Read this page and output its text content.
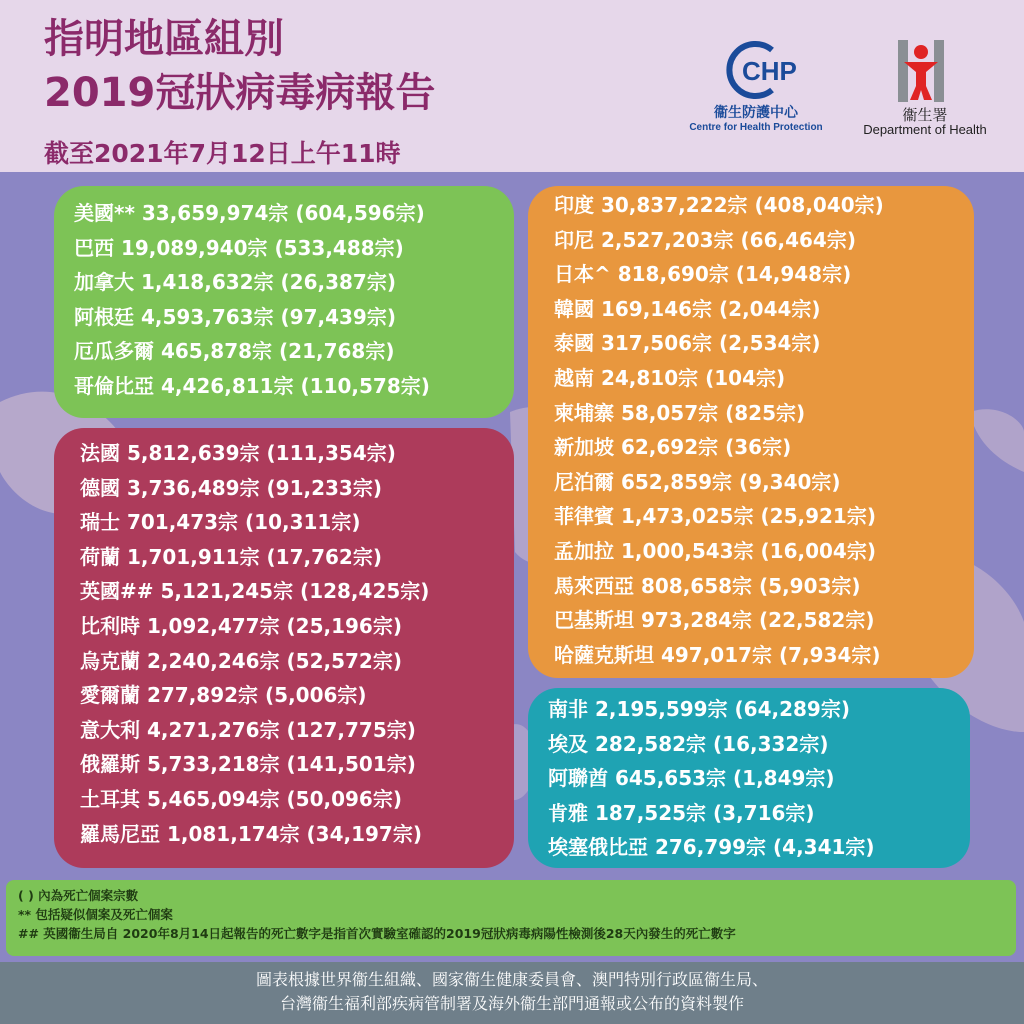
指明地區組別
2019冠狀病毒病報告
截至2021年7月12日上午11時
CHP
衞生防護中心
Centre for Health Protection
衞生署
Department of Health
美國** 33,659,974宗 (604,596宗)
巴西 19,089,940宗 (533,488宗)
加拿大 1,418,632宗 (26,387宗)
阿根廷 4,593,763宗 (97,439宗)
厄瓜多爾 465,878宗 (21,768宗)
哥倫比亞 4,426,811宗 (110,578宗)
法國 5,812,639宗 (111,354宗)
德國 3,736,489宗 (91,233宗)
瑞士 701,473宗 (10,311宗)
荷蘭 1,701,911宗 (17,762宗)
英國## 5,121,245宗 (128,425宗)
比利時 1,092,477宗 (25,196宗)
烏克蘭 2,240,246宗 (52,572宗)
愛爾蘭 277,892宗 (5,006宗)
意大利 4,271,276宗 (127,775宗)
俄羅斯 5,733,218宗 (141,501宗)
土耳其 5,465,094宗 (50,096宗)
羅馬尼亞 1,081,174宗 (34,197宗)
印度 30,837,222宗 (408,040宗)
印尼 2,527,203宗 (66,464宗)
日本^ 818,690宗 (14,948宗)
韓國 169,146宗 (2,044宗)
泰國 317,506宗 (2,534宗)
越南 24,810宗 (104宗)
柬埔寨 58,057宗 (825宗)
新加坡 62,692宗 (36宗)
尼泊爾 652,859宗 (9,340宗)
菲律賓 1,473,025宗 (25,921宗)
孟加拉 1,000,543宗 (16,004宗)
馬來西亞 808,658宗 (5,903宗)
巴基斯坦 973,284宗 (22,582宗)
哈薩克斯坦 497,017宗 (7,934宗)
南非 2,195,599宗 (64,289宗)
埃及 282,582宗 (16,332宗)
阿聯酋 645,653宗 (1,849宗)
肯雅 187,525宗 (3,716宗)
埃塞俄比亞 276,799宗 (4,341宗)
( ) 內為死亡個案宗數
** 包括疑似個案及死亡個案
## 英國衞生局自 2020年8月14日起報告的死亡數字是指首次實驗室確認的2019冠狀病毒病陽性檢測後28天內發生的死亡數字
圖表根據世界衞生組織、國家衞生健康委員會、澳門特別行政區衞生局、
台灣衞生福利部疾病管制署及海外衞生部門通報或公布的資料製作
